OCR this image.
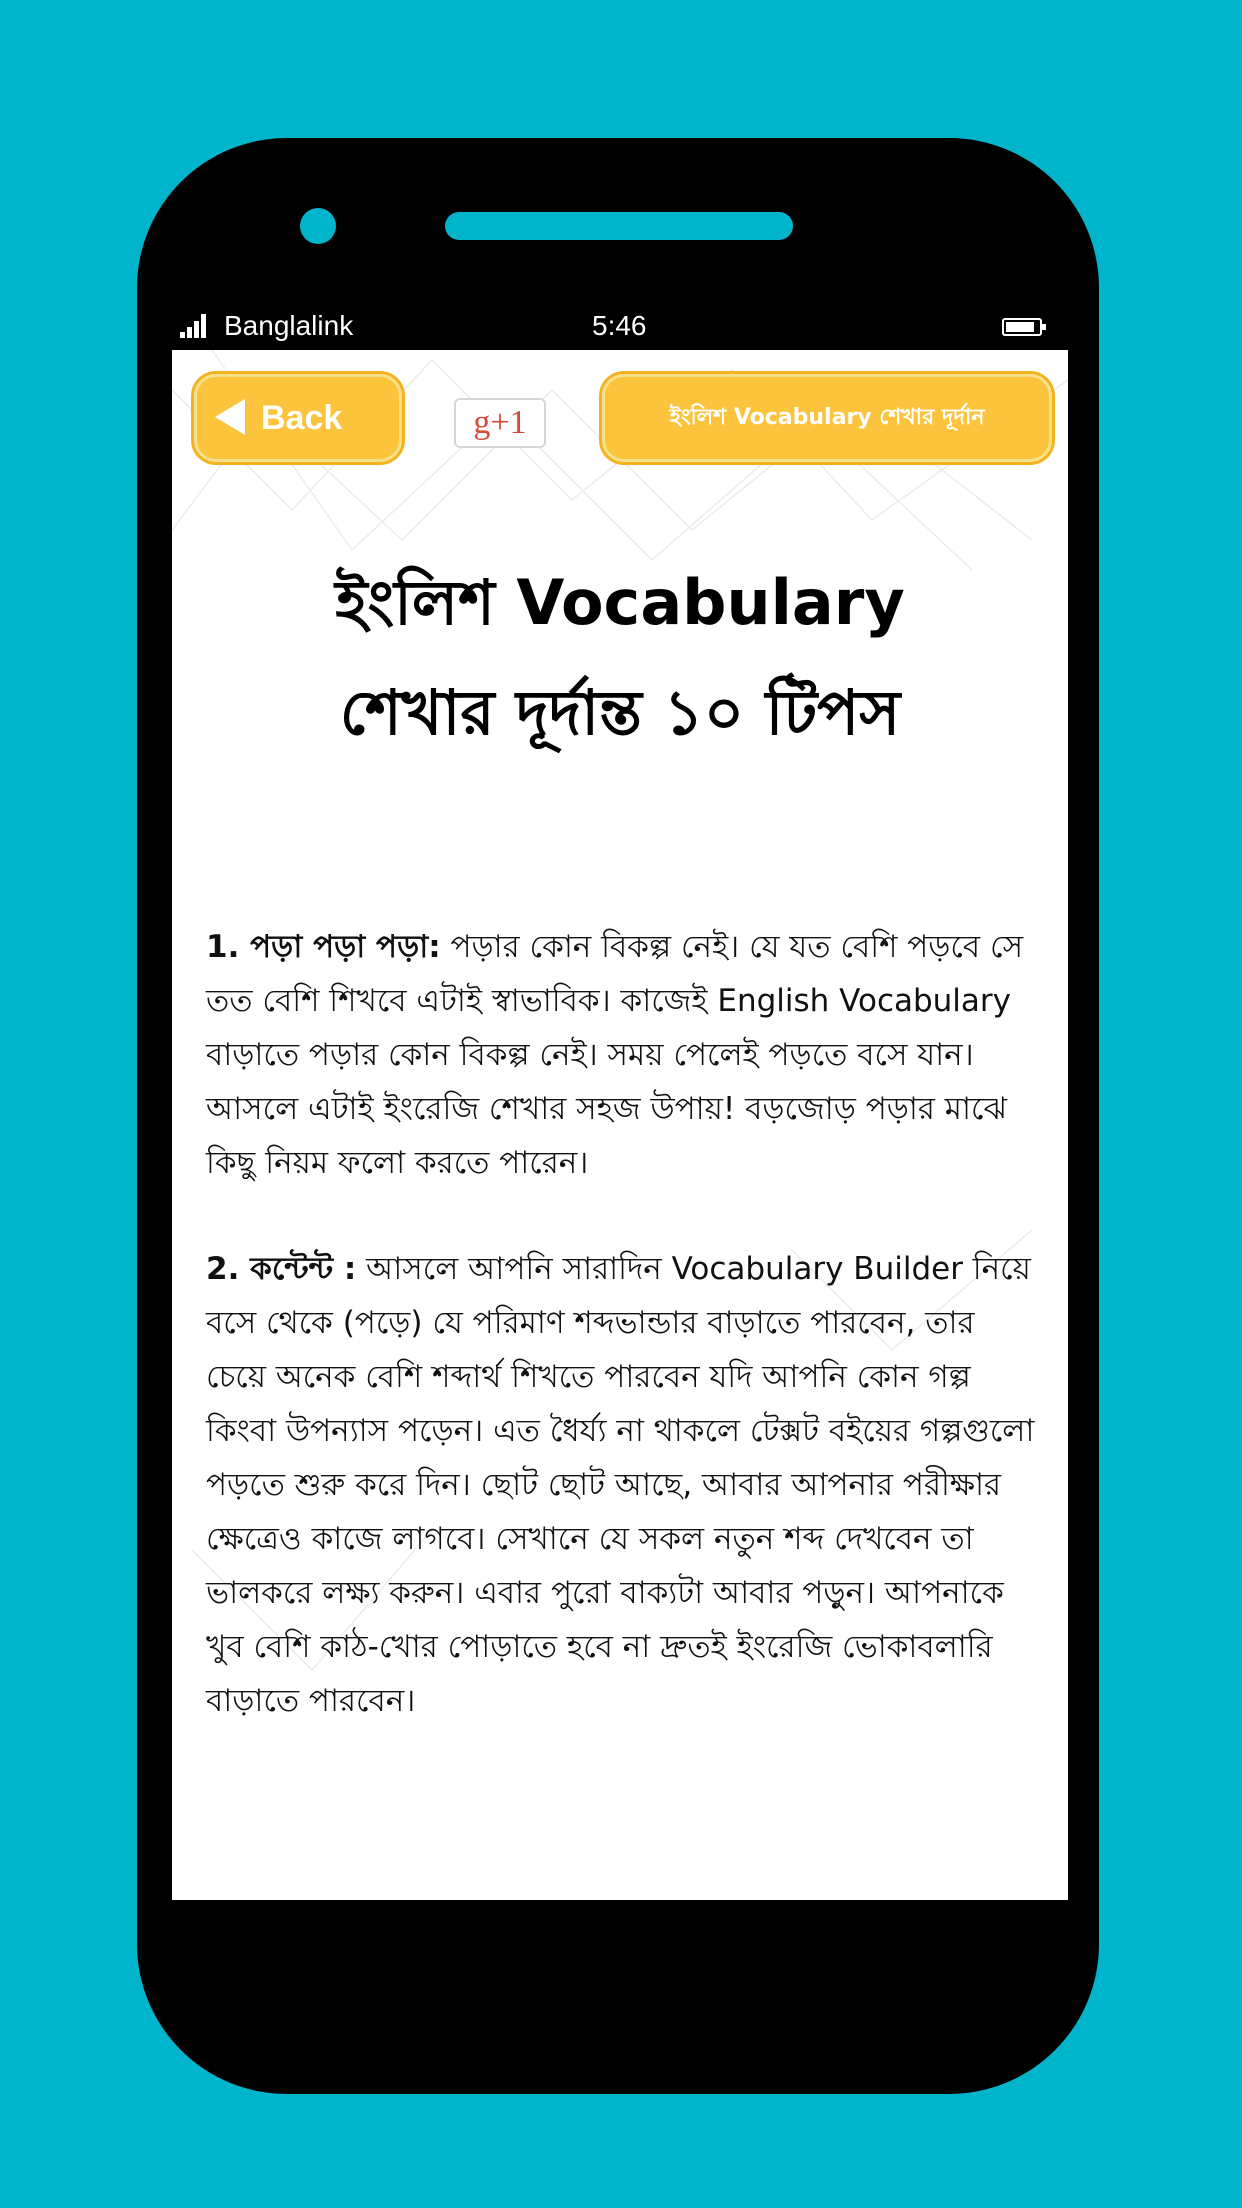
Banglalink	5:46
Back	g+1	ইংলিশ Vocabulary শেখার দূর্দান
ইংলিশ Vocabulary
শেখার দূর্দান্ত ১০ টিপস

1. পড়া পড়া পড়া: পড়ার কোন বিকল্প নেই। যে যত বেশি পড়বে সে তত বেশি শিখবে এটাই স্বাভাবিক। কাজেই English Vocabulary বাড়াতে পড়ার কোন বিকল্প নেই। সময় পেলেই পড়তে বসে যান। আসলে এটাই ইংরেজি শেখার সহজ উপায়! বড়জোড় পড়ার মাঝে কিছু নিয়ম ফলো করতে পারেন।

2. কন্টেন্ট : আসলে আপনি সারাদিন Vocabulary Builder নিয়ে বসে থেকে (পড়ে) যে পরিমাণ শব্দভান্ডার বাড়াতে পারবেন, তার চেয়ে অনেক বেশি শব্দার্থ শিখতে পারবেন যদি আপনি কোন গল্প কিংবা উপন্যাস পড়েন। এত ধৈর্য্য না থাকলে টেক্সট বইয়ের গল্পগুলো পড়তে শুরু করে দিন। ছোট ছোট আছে, আবার আপনার পরীক্ষার ক্ষেত্রেও কাজে লাগবে। সেখানে যে সকল নতুন শব্দ দেখবেন তা ভালকরে লক্ষ্য করুন। এবার পুরো বাক্যটা আবার পড়ুন। আপনাকে খুব বেশি কাঠ-খোর পোড়াতে হবে না দ্রুতই ইংরেজি ভোকাবলারি বাড়াতে পারবেন।
